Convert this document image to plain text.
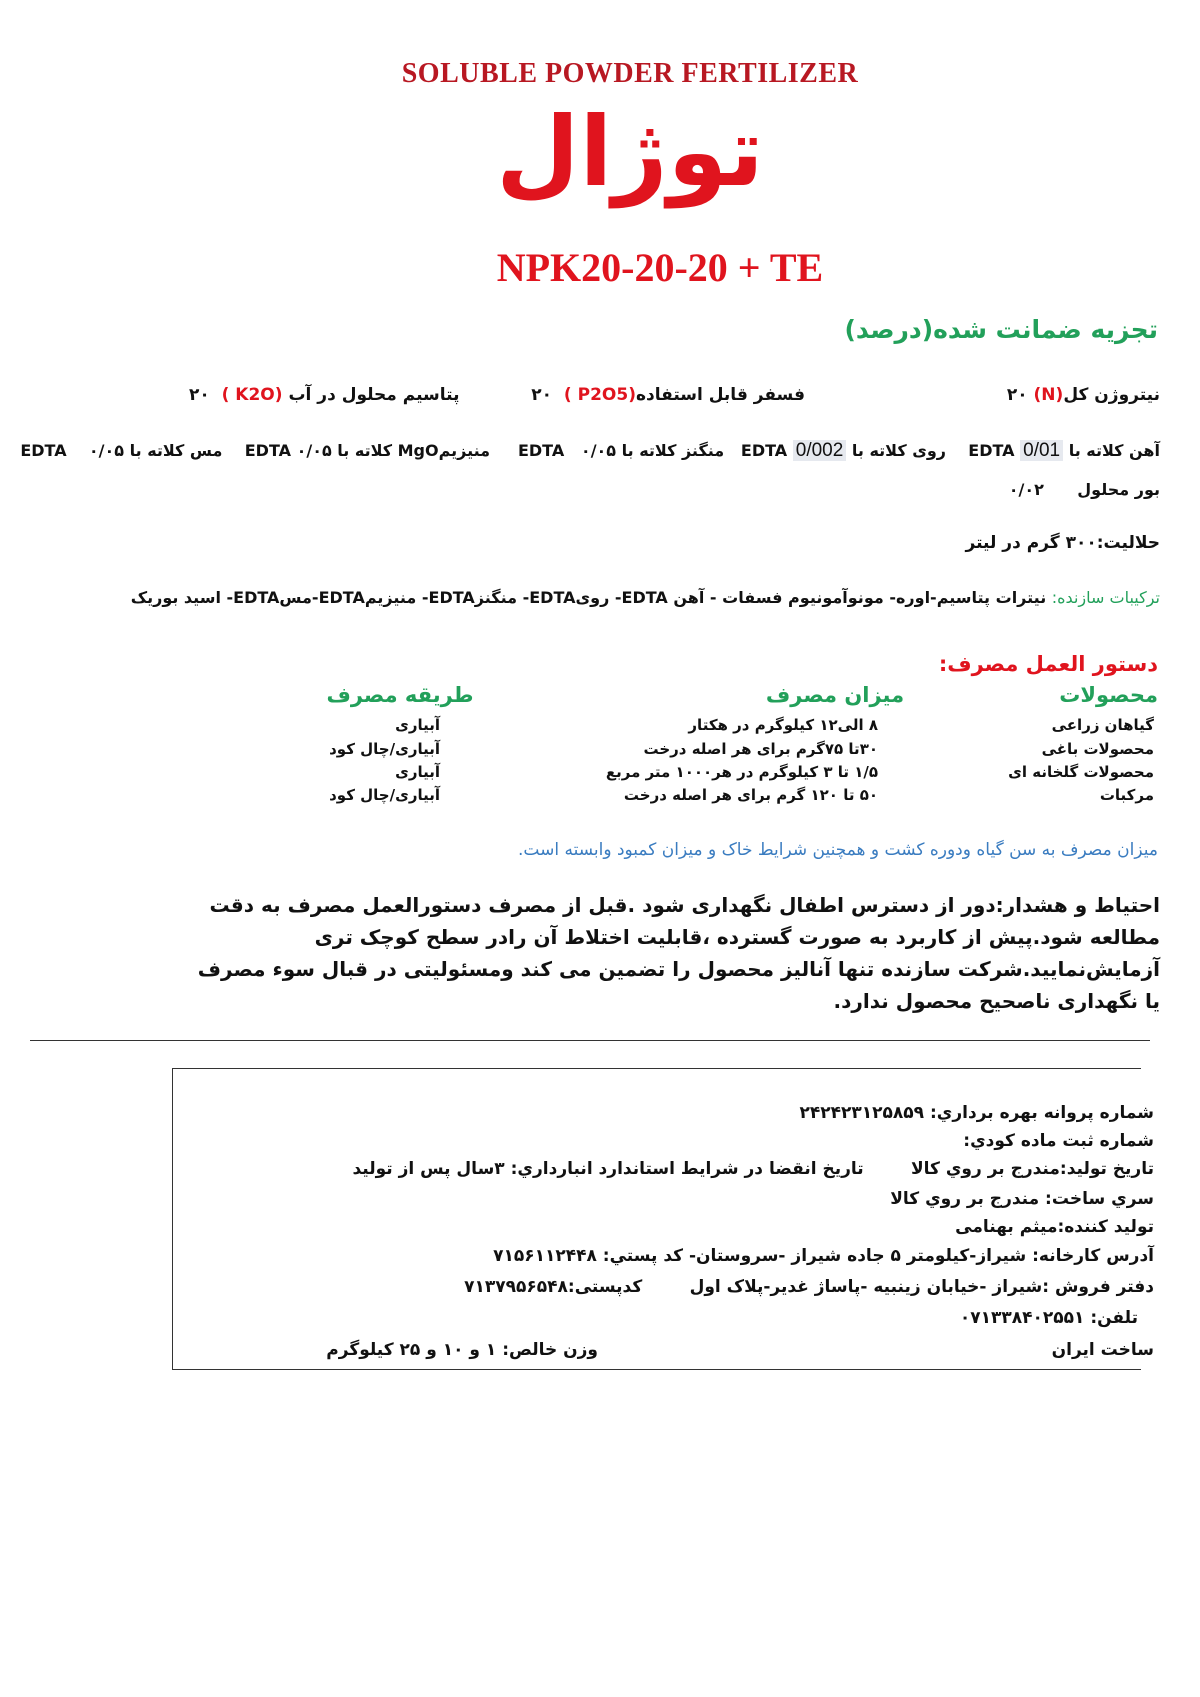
SOLUBLE POWDER FERTILIZER
توژال
NPK20-20-20 + TE
تجزیه ضمانت شده(درصد)
نیتروژن کل(N) ۲۰  فسفر قابل استفاده(P2O5 )  ۲۰  پتاسیم محلول در آب (K2O )  ۲۰
آهن کلاته با EDTA 0/01    روی کلاته با EDTA 0/002   منگنز کلاته با EDTA   ۰/۰۵     منیزیمMgO کلاته با EDTA ۰/۰۵    مس کلاته با EDTA    ۰/۰۵
بور محلول      ۰/۰۲
حلالیت:۳۰۰ گرم در لیتر
ترکیبات سازنده: نیترات پتاسیم-اوره- مونوآمونیوم فسفات - آهن EDTA- رویEDTA- منگنزEDTA- منیزیمEDTA-مسEDTA- اسید بوریک
دستور العمل مصرف:
محصولات
میزان مصرف
طریقه مصرف
گیاهان زراعی
محصولات باغی
محصولات گلخانه ای
مرکبات
۸ الی۱۲ کیلوگرم در هکتار
۳۰تا ۷۵گرم برای هر اصله درخت
۱/۵ تا ۳ کیلوگرم در هر۱۰۰۰ متر مربع
۵۰ تا ۱۲۰ گرم برای هر اصله درخت
آبیاری
آبیاری/چال کود
آبیاری
آبیاری/چال کود
میزان مصرف به سن گیاه ودوره کشت و همچنین شرایط خاک و میزان کمبود وابسته است.
احتیاط و هشدار:دور از دسترس اطفال نگهداری شود .قبل از مصرف دستورالعمل مصرف به دقت مطالعه شود.پیش از کاربرد به صورت گسترده ،قابلیت اختلاط آن رادر سطح کوچک تری آزمایش‌نمایید.شرکت سازنده تنها آنالیز محصول را تضمین می کند ومسئولیتی در قبال سوء مصرف یا نگهداری ناصحیح محصول ندارد.
شماره پروانه بهره برداري: ۲۴۲۴۲۳۱۲۵۸۵۹
شماره ثبت ماده كودي:
تاريخ توليد:مندرج بر روي كالا        تاريخ انقضا در شرايط استاندارد انبارداري: ۳سال پس از توليد
سري ساخت: مندرج بر روي كالا
توليد كننده:ميثم بهنامی
آدرس كارخانه: شیراز-کیلومتر ۵ جاده شیراز -سروستان- كد پستي: ۷۱۵۶۱۱۲۴۴۸
دفتر فروش :شیراز -خیابان زینبیه -پاساژ غدیر-پلاک اول        کدپستی:۷۱۳۷۹۵۶۵۴۸
تلفن: ۰۷۱۳۳۸۴۰۲۵۵۱
ساخت ايران
وزن خالص: ۱ و ۱۰ و ۲۵ كيلوگرم
